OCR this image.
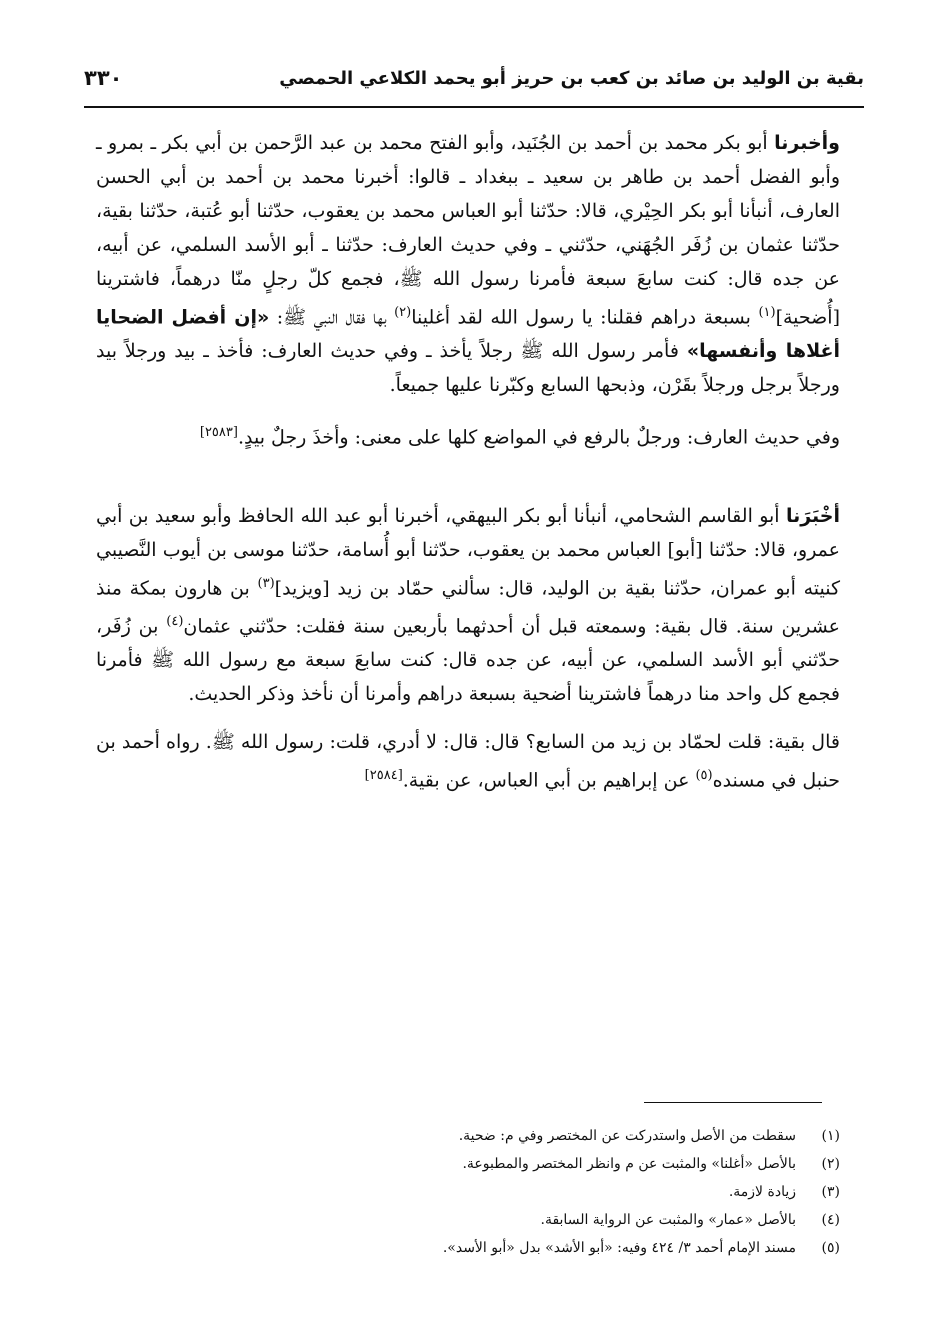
بقية بن الوليد بن صائد بن كعب بن حريز أبو يحمد الكلاعي الحمصي
٣٣٠

وأخبرنا أبو بكر محمد بن أحمد بن الجُنَيد، وأبو الفتح محمد بن عبد الرَّحمن بن أبي بكر ـ بمرو ـ وأبو الفضل أحمد بن طاهر بن سعيد ـ ببغداد ـ قالوا: أخبرنا محمد بن أحمد بن أبي الحسن العارف، أنبأنا أبو بكر الحِيْري، قالا: حدّثنا أبو العباس محمد بن يعقوب، حدّثنا أبو عُتبة، حدّثنا بقية، حدّثنا عثمان بن زُفَر الجُهَني، حدّثني ـ وفي حديث العارف: حدّثنا ـ أبو الأسد السلمي، عن أبيه، عن جده قال: كنت سابعَ سبعة فأمرنا رسول الله ﷺ، فجمع كلّ رجلٍ منّا درهماً، فاشترينا [أُضحية]$^{(١)}$ بسبعة دراهم فقلنا: يا رسول الله لقد أغلينا$^{(٢)}$ بها فقال النبي ﷺ: «إن أفضل الضحايا أغلاها وأنفسها» فأمر رسول الله ﷺ رجلاً يأخذ ـ وفي حديث العارف: فأخذ ـ بيد ورجلاً بيد ورجلاً برجل ورجلاً بقَرْن، وذبحها السابع وكبّرنا عليها جميعاً.

وفي حديث العارف: ورجلٌ بالرفع في المواضع كلها على معنى: وأخذَ رجلٌ بيدٍ.[٢٥٨٣]

أخْبَرَنا أبو القاسم الشحامي، أنبأنا أبو بكر البيهقي، أخبرنا أبو عبد الله الحافظ وأبو سعيد بن أبي عمرو، قالا: حدّثنا [أبو] العباس محمد بن يعقوب، حدّثنا أبو أُسامة، حدّثنا موسى بن أيوب النَّصيبي كنيته أبو عمران، حدّثنا بقية بن الوليد، قال: سألني حمّاد بن زيد [ويزيد]$^{(٣)}$ بن هارون بمكة منذ عشرين سنة. قال بقية: وسمعته قبل أن أحدثهما بأربعين سنة فقلت: حدّثني عثمان$^{(٤)}$ بن زُفَر، حدّثني أبو الأسد السلمي، عن أبيه، عن جده قال: كنت سابعَ سبعة مع رسول الله ﷺ فأمرنا فجمع كل واحد منا درهماً فاشترينا أضحية بسبعة دراهم وأمرنا أن نأخذ وذكر الحديث.

قال بقية: قلت لحمّاد بن زيد من السابع؟ قال: قال: لا أدري، قلت: رسول الله ﷺ. رواه أحمد بن حنبل في مسنده$^{(٥)}$ عن إبراهيم بن أبي العباس، عن بقية.[٢٥٨٤]

(١)سقطت من الأصل واستدركت عن المختصر وفي م: ضحية.

(٢)بالأصل «أغلنا» والمثبت عن م وانظر المختصر والمطبوعة.

(٣)زيادة لازمة.

(٤)بالأصل «عمار» والمثبت عن الرواية السابقة.

(٥)مسند الإمام أحمد ٣/ ٤٢٤ وفيه: «أبو الأشد» بدل «أبو الأسد».
